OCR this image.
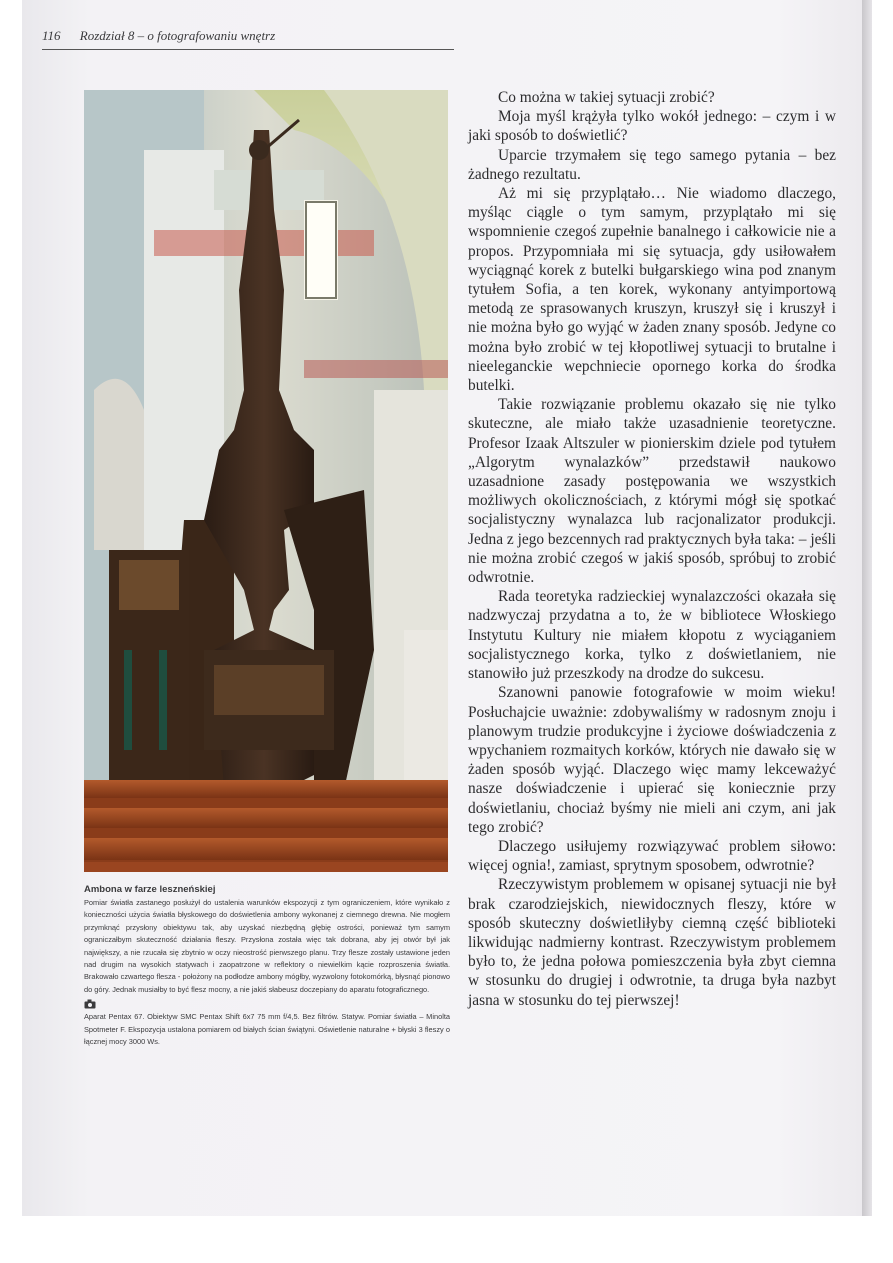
116 Rozdział 8 – o fotografowaniu wnętrz
Ambona w farze leszneńskiej
Pomiar światła zastanego posłużył do ustalenia warunków ekspozycji z tym ograniczeniem, które wynikało z konieczności użycia światła błyskowego do doświetlenia ambony wykonanej z ciemnego drewna. Nie mogłem przymknąć przysłony obiektywu tak, aby uzyskać niezbędną głębię ostrości, ponieważ tym samym ograniczałbym skuteczność działania fleszy. Przysłona została więc tak dobrana, aby jej otwór był jak największy, a nie rzucała się zbytnio w oczy nieostrość pierwszego planu. Trzy flesze zostały ustawione jeden nad drugim na wysokich statywach i zaopatrzone w reflektory o niewielkim kącie rozproszenia światła. Brakowało czwartego flesza - położony na podłodze ambony mógłby, wyzwolony fotokomórką, błysnąć pionowo do góry. Jednak musiałby to być flesz mocny, a nie jakiś słabeusz doczepiany do aparatu fotograficznego.
Aparat Pentax 67. Obiektyw SMC Pentax Shift 6x7 75 mm f/4,5. Bez filtrów. Statyw. Pomiar światła – Minolta Spotmeter F. Ekspozycja ustalona pomiarem od białych ścian świątyni. Oświetlenie naturalne + błyski 3 fleszy o łącznej mocy 3000 Ws.

Co można w takiej sytuacji zrobić?

Moja myśl krążyła tylko wokół jednego: – czym i w jaki sposób to doświetlić?

Uparcie trzymałem się tego samego pytania – bez żadnego rezultatu.

Aż mi się przyplątało… Nie wiadomo dlaczego, myśląc ciągle o tym samym, przyplątało mi się wspomnienie czegoś zupełnie banalnego i całkowicie nie a propos. Przypomniała mi się sytuacja, gdy usiłowałem wyciągnąć korek z butelki bułgarskiego wina pod znanym tytułem Sofia, a ten korek, wykonany antyimportową metodą ze sprasowanych kruszyn, kruszył się i kruszył i nie można było go wyjąć w żaden znany sposób. Jedyne co można było zrobić w tej kłopotliwej sytuacji to brutalne i nieeleganckie wepchniecie opornego korka do środka butelki.

Takie rozwiązanie problemu okazało się nie tylko skuteczne, ale miało także uzasadnienie teoretyczne. Profesor Izaak Altszuler w pionierskim dziele pod tytułem „Algorytm wynalazków” przedstawił naukowo uzasadnione zasady postępowania we wszystkich możliwych okolicznościach, z którymi mógł się spotkać socjalistyczny wynalazca lub racjonalizator produkcji. Jedna z jego bezcennych rad praktycznych była taka: – jeśli nie można zrobić czegoś w jakiś sposób, spróbuj to zrobić odwrotnie.

Rada teoretyka radzieckiej wynalazczości okazała się nadzwyczaj przydatna a to, że w bibliotece Włoskiego Instytutu Kultury nie miałem kłopotu z wyciąganiem socjalistycznego korka, tylko z doświetlaniem, nie stanowiło już przeszkody na drodze do sukcesu.

Szanowni panowie fotografowie w moim wieku! Posłuchajcie uważnie: zdobywaliśmy w radosnym znoju i planowym trudzie produkcyjne i życiowe doświadczenia z wpychaniem rozmaitych korków, których nie dawało się w żaden sposób wyjąć. Dlaczego więc mamy lekceważyć nasze doświadczenie i upierać się koniecznie przy doświetlaniu, chociaż byśmy nie mieli ani czym, ani jak tego zrobić?

Dlaczego usiłujemy rozwiązywać problem siłowo: więcej ognia!, zamiast, sprytnym sposobem, odwrotnie?

Rzeczywistym problemem w opisanej sytuacji nie był brak czarodziejskich, niewidocznych fleszy, które w sposób skuteczny doświetliłyby ciemną część biblioteki likwidując nadmierny kontrast. Rzeczywistym problemem było to, że jedna połowa pomieszczenia była zbyt ciemna w stosunku do drugiej i odwrotnie, ta druga była nazbyt jasna w stosunku do tej pierwszej!
